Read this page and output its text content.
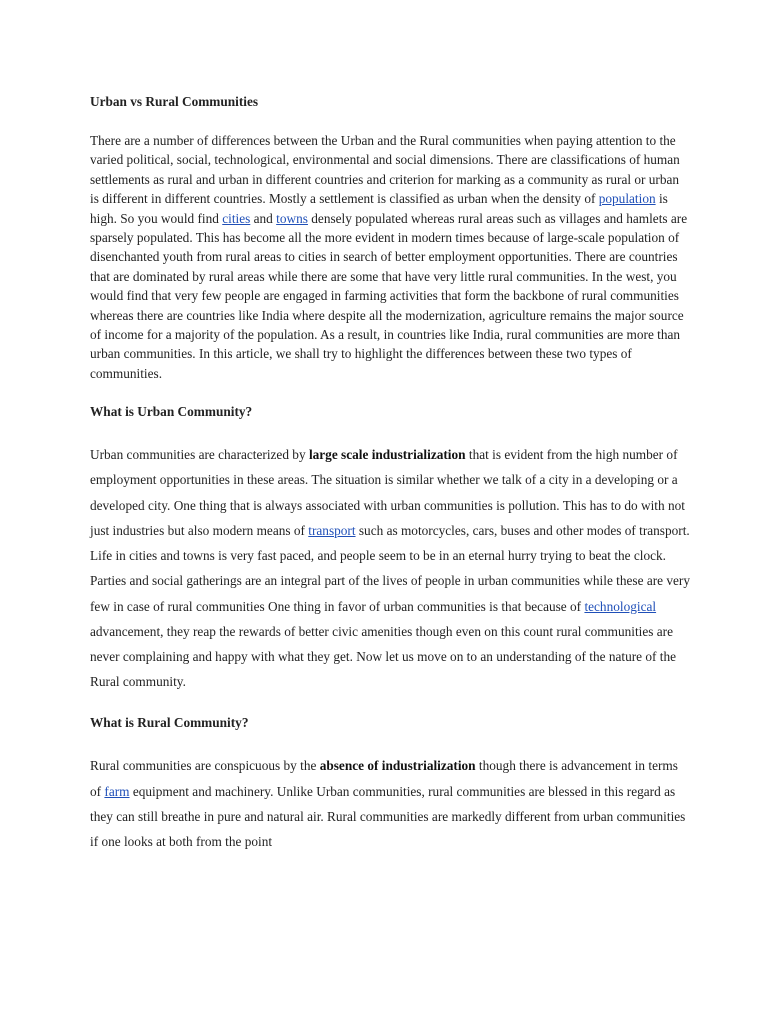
Urban vs Rural Communities

There are a number of differences between the Urban and the Rural communities when paying attention to the varied political, social, technological, environmental and social dimensions. There are classifications of human settlements as rural and urban in different countries and criterion for marking as a community as rural or urban is different in different countries. Mostly a settlement is classified as urban when the density of population is high. So you would find cities and towns densely populated whereas rural areas such as villages and hamlets are sparsely populated. This has become all the more evident in modern times because of large-scale population of disenchanted youth from rural areas to cities in search of better employment opportunities. There are countries that are dominated by rural areas while there are some that have very little rural communities. In the west, you would find that very few people are engaged in farming activities that form the backbone of rural communities whereas there are countries like India where despite all the modernization, agriculture remains the major source of income for a majority of the population. As a result, in countries like India, rural communities are more than urban communities. In this article, we shall try to highlight the differences between these two types of communities.

What is Urban Community?

Urban communities are characterized by large scale industrialization that is evident from the high number of employment opportunities in these areas. The situation is similar whether we talk of a city in a developing or a developed city. One thing that is always associated with urban communities is pollution. This has to do with not just industries but also modern means of transport such as motorcycles, cars, buses and other modes of transport. Life in cities and towns is very fast paced, and people seem to be in an eternal hurry trying to beat the clock. Parties and social gatherings are an integral part of the lives of people in urban communities while these are very few in case of rural communities One thing in favor of urban communities is that because of technological advancement, they reap the rewards of better civic amenities though even on this count rural communities are never complaining and happy with what they get. Now let us move on to an understanding of the nature of the Rural community.

What is Rural Community?

Rural communities are conspicuous by the absence of industrialization though there is advancement in terms of farm equipment and machinery. Unlike Urban communities, rural communities are blessed in this regard as they can still breathe in pure and natural air. Rural communities are markedly different from urban communities if one looks at both from the point
